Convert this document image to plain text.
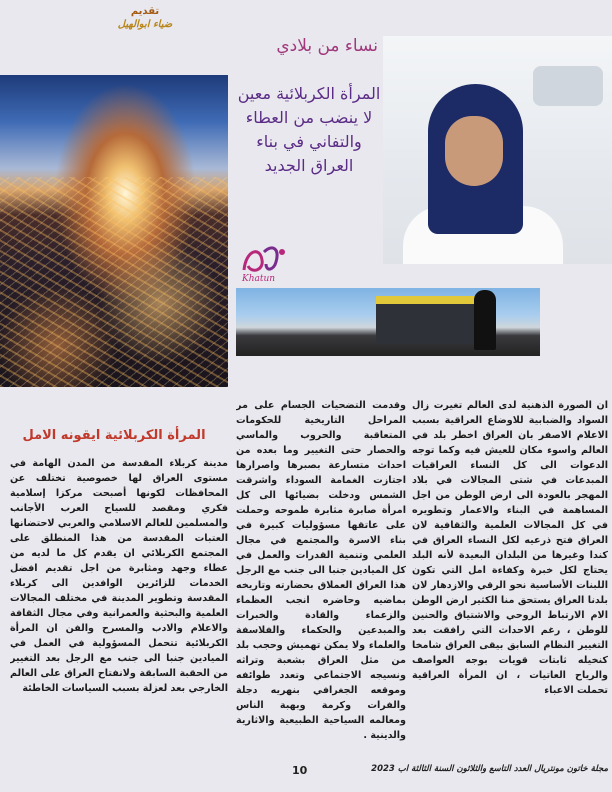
تقديم
ضياء ابوالهيل
نساء من بلادي
المرأة الكربلائية معين لا ينضب من العطاء والتفاني في بناء العراق الجديد
Khatun
المرأة الكربلائية ايقونه الامل
ان الصورة الذهنية لدى العالم تغيرت زال السواد والضبابية للاوضاع العراقية بسبب الاعلام الاصفر بان العراق اخطر بلد في العالم واسوء مكان للعيش فيه وكما توجه الدعوات الى كل النساء العراقيات المبدعات في شتى المجالات في بلاد المهجر بالعودة الى ارض الوطن من اجل المساهمة في البناء والاعمار وتطويره في كل المجالات العلمية والثقافية لان العراق فتح ذرعيه لكل النساء العراق في كندا وغيرها من البلدان البعيدة لأنه البلد يحتاج لكل خبرة وكفاءة امل التي تكون اللبنات الأساسية نحو الرقي والازدهار لان بلدنا العراق يستحق منا الكثير ارض الوطن الام الارتباط الروحي والاشتياق والحنين للوطن ، رغم الاحداث التي رافقت بعد التغيير النظام السابق بيقى العراق شامخا كنخيله ثابتات قويات بوجه العواصف والرياح العاتيات ، ان المرأة العراقية تحملت الاعباء
وقدمت التضحيات الجسام على مر المراحل التاريخية للحكومات المتعاقبة والحروب والماسي والحصار حتى التغيير وما بعده من احداث متسارعة بصبرها واصرارها اجتازت الغمامة السوداء واشرقت الشمس ودخلت بضيائها الى كل امرأة صابرة مثابرة طموحه وحملت على عاتقها مسؤوليات كبيرة في بناء الاسرة والمجتمع في مجال العلمي وتنمية القدرات والعمل في كل الميادين جنبا الى جنب مع الرجل هذا العراق العملاق بحضارته وتاريخه بماضيه وحاضره انجب العظماء والزعماء والقادة والخبرات والمبدعين والحكماء والفلاسفة والعلماء ولا يمكن تهميش وحجب بلد من مثل العراق بشعبة وتراثه ونسيجه الاجتماعي وتعدد طوائفه وموقعه الجغرافي بنهريه دجلة والفرات وكرمة وبهبة الناس ومعالمه السياحية الطبيعية والاثارية والدينية .
مدينة كربلاء المقدسة من المدن الهامة في مستوى العراق لها خصوصية تختلف عن المحافظات لكونها أصبحت مركزا إسلامية فكري ومقصد للسياح العرب الأجانب والمسلمين للعالم الاسلامي والعربي لاحتضانها العتبات المقدسة من هذا المنطلق على المجتمع الكربلائي ان يقدم كل ما لديه من عطاء وجهد ومثابرة من اجل تقديم افضل الخدمات للزائرين الوافدين الى كربلاء المقدسة وتطوير المدينة في مختلف المجالات العلمية والبحثية والعمرانية وفي مجال الثقافة والاعلام والادب والمسرح والفن ان المرأة الكربلائية تتحمل المسؤولية في العمل في الميادين جنبا الى جنب مع الرجل بعد التغيير من الحقبة السابقة ولانفتاح العراق على العالم الخارجي بعد لعزلة بسبب السياسات الخاطئة
مجلة خاتون مونتريال العدد التاسع والثلاثون السنة الثالثة اب 2023
10
